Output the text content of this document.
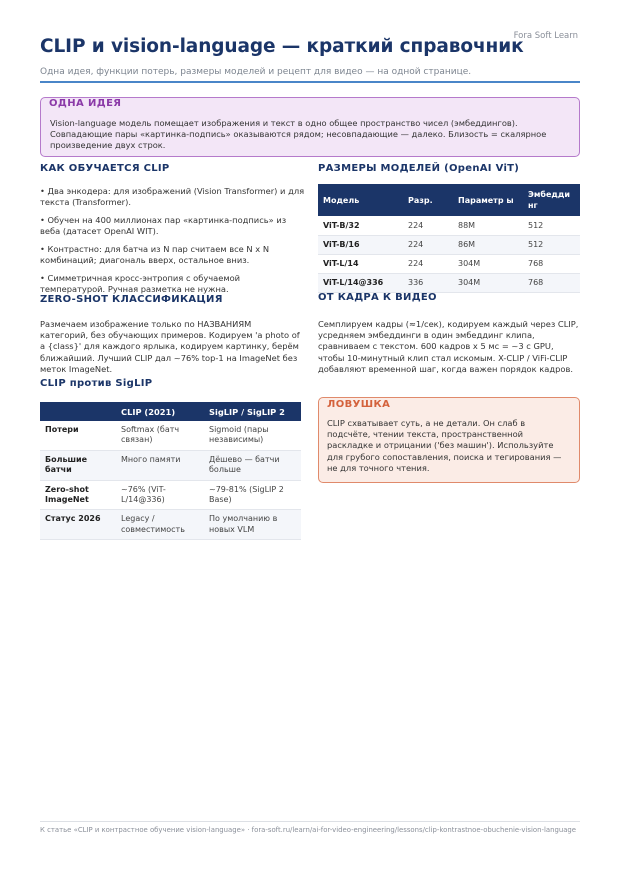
Fora Soft Learn
CLIP и vision-language — краткий справочник
Одна идея, функции потерь, размеры моделей и рецепт для видео — на одной странице.
ОДНА ИДЕЯ
Vision-language модель помещает изображения и текст в одно общее пространство чисел (эмбеддингов). Совпадающие пары «картинка-подпись» оказываются рядом; несовпадающие — далеко. Близость = скалярное произведение двух строк.
КАК ОБУЧАЕТСЯ CLIP
• Два энкодера: для изображений (Vision Transformer) и для текста (Transformer).
• Обучен на 400 миллионах пар «картинка-подпись» из веба (датасет OpenAI WIT).
• Контрастно: для батча из N пар считаем все N x N комбинаций; диагональ вверх, остальное вниз.
• Симметричная кросс-энтропия с обучаемой температурой. Ручная разметка не нужна.
ZERO-SHOT КЛАССИФИКАЦИЯ

Размечаем изображение только по НАЗВАНИЯМ категорий, без обучающих примеров. Кодируем 'a photo of a {class}' для каждого ярлыка, кодируем картинку, берём ближайший. Лучший CLIP дал ~76% top-1 на ImageNet без меток ImageNet.

CLIP против SigLIP
	CLIP (2021)	SigLIP / SigLIP 2
Потери	Softmax (батч связан)	Sigmoid (пары независимы)
Большие батчи	Много памяти	Дёшево — батчи больше
Zero-shot ImageNet	~76% (ViT-L/14@336)	~79-81% (SigLIP 2 Base)
Статус 2026	Legacy / совместимость	По умолчанию в новых VLM
РАЗМЕРЫ МОДЕЛЕЙ (OpenAI ViT)
Модель	Разр.	Параметр ы	Эмбедди нг
ViT-B/32	224	88M	512
ViT-B/16	224	86M	512
ViT-L/14	224	304M	768
ViT-L/14@336	336	304M	768
ОТ КАДРА К ВИДЕО

Семплируем кадры (≈1/сек), кодируем каждый через CLIP, усредняем эмбеддинги в один эмбеддинг клипа, сравниваем с текстом. 600 кадров x 5 мс = ~3 с GPU, чтобы 10-минутный клип стал искомым. X-CLIP / ViFi-CLIP добавляют временной шаг, когда важен порядок кадров.

ЛОВУШКА
CLIP схватывает суть, а не детали. Он слаб в подсчёте, чтении текста, пространственной раскладке и отрицании ('без машин'). Используйте для грубого сопоставления, поиска и тегирования — не для точного чтения.
К статье «CLIP и контрастное обучение vision-language» · fora-soft.ru/learn/ai-for-video-engineering/lessons/clip-kontrastnoe-obuchenie-vision-language
